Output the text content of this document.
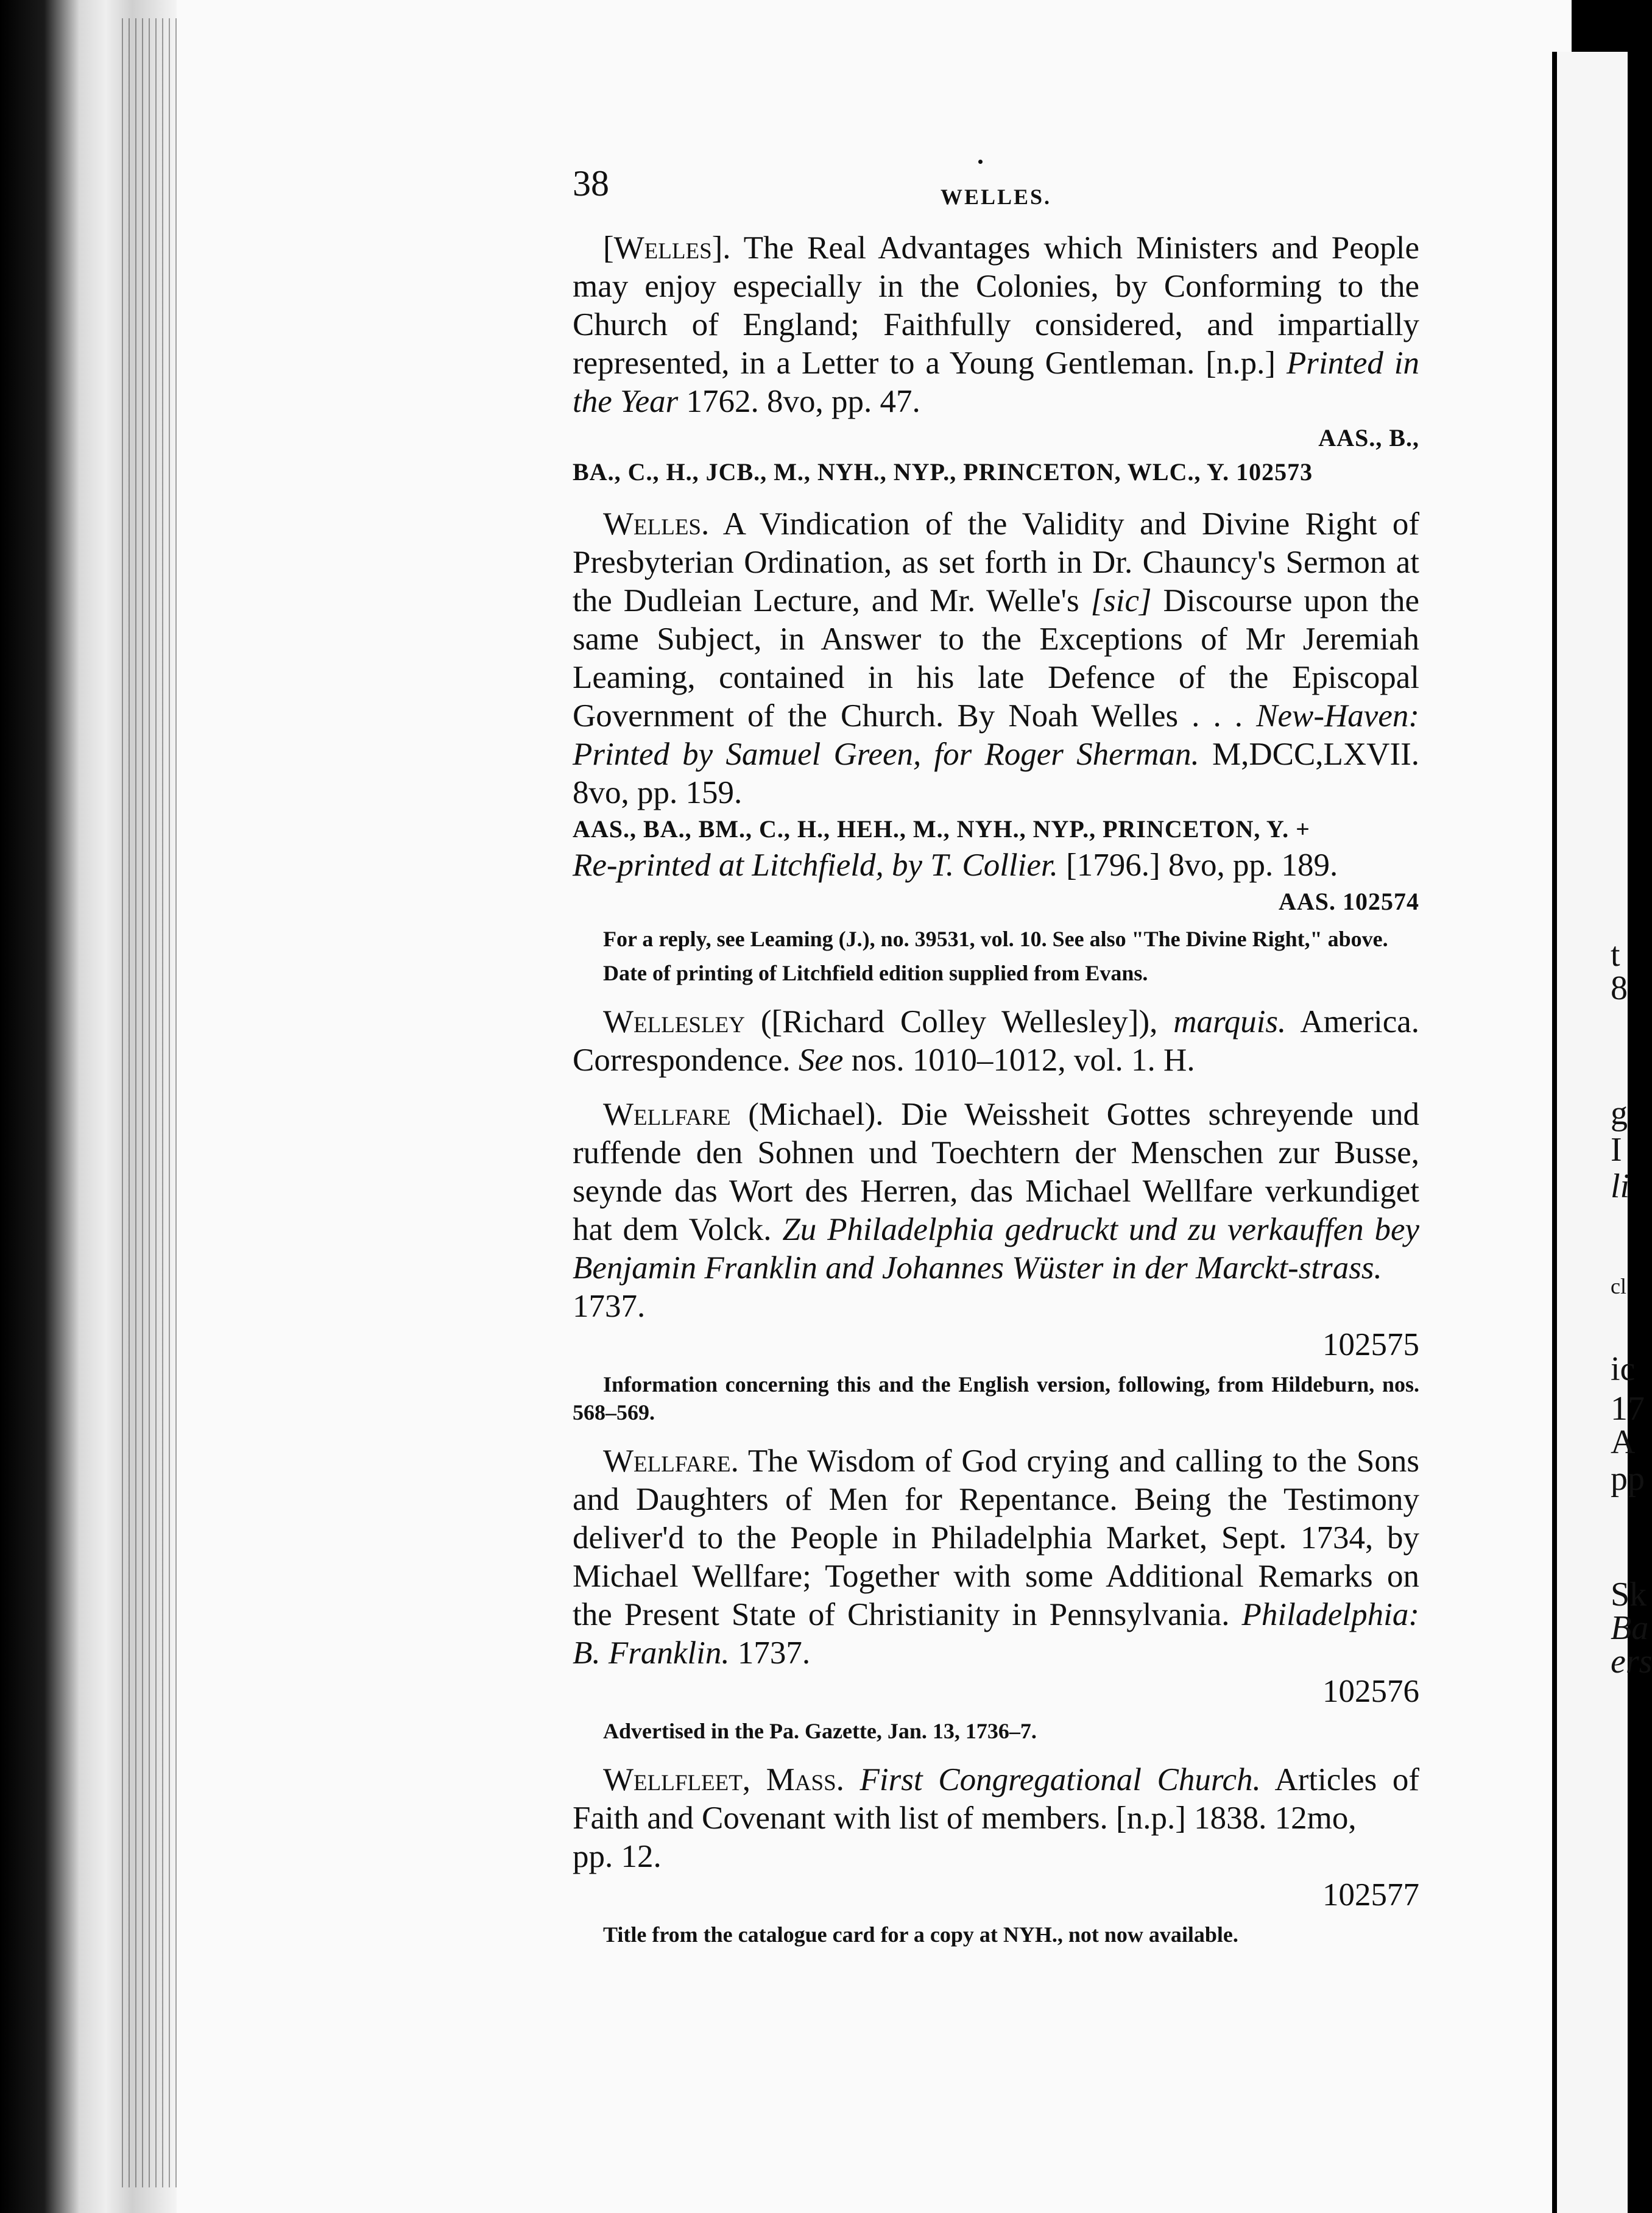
t
8
g
I
li
cl
ic
17
A
pp
Sk
Ba
ers
38	WELLES.
[Welles]. The Real Advantages which Ministers and People may enjoy especially in the Colonies, by Conforming to the Church of England; Faithfully considered, and impartially represented, in a Letter to a Young Gentleman. [n.p.] Printed in the Year 1762. 8vo, pp. 47.
AAS., B.,
BA., C., H., JCB., M., NYH., NYP., PRINCETON, WLC., Y. 102573
Welles. A Vindication of the Validity and Divine Right of Presbyterian Ordination, as set forth in Dr. Chauncy's Sermon at the Dudleian Lecture, and Mr. Welle's [sic] Discourse upon the same Subject, in Answer to the Exceptions of Mr Jeremiah Leaming, contained in his late Defence of the Episcopal Government of the Church. By Noah Welles . . . New-Haven: Printed by Samuel Green, for Roger Sherman. M,DCC,LXVII. 8vo, pp. 159.
AAS., BA., BM., C., H., HEH., M., NYH., NYP., PRINCETON, Y. +
Re-printed at Litchfield, by T. Collier. [1796.] 8vo, pp. 189.
AAS. 102574
For a reply, see Leaming (J.), no. 39531, vol. 10. See also "The Divine Right," above.
Date of printing of Litchfield edition supplied from Evans.
Wellesley ([Richard Colley Wellesley]), marquis. America. Correspondence. See nos. 1010–1012, vol. 1. H.
Wellfare (Michael). Die Weissheit Gottes schreyende und ruffende den Sohnen und Toechtern der Menschen zur Busse, seynde das Wort des Herren, das Michael Wellfare verkundiget hat dem Volck. Zu Philadelphia gedruckt und zu verkauffen bey Benjamin Franklin and Johannes Wüster in der Marckt-strass.
1737.
102575
Information concerning this and the English version, following, from Hildeburn, nos. 568–569.
Wellfare. The Wisdom of God crying and calling to the Sons and Daughters of Men for Repentance. Being the Testimony deliver'd to the People in Philadelphia Market, Sept. 1734, by Michael Wellfare; Together with some Additional Remarks on the Present State of Christianity in Pennsylvania. Philadelphia: B. Franklin. 1737.
102576
Advertised in the Pa. Gazette, Jan. 13, 1736–7.
Wellfleet, Mass. First Congregational Church. Articles of Faith and Covenant with list of members. [n.p.] 1838. 12mo,
pp. 12.
102577
Title from the catalogue card for a copy at NYH., not now available.
